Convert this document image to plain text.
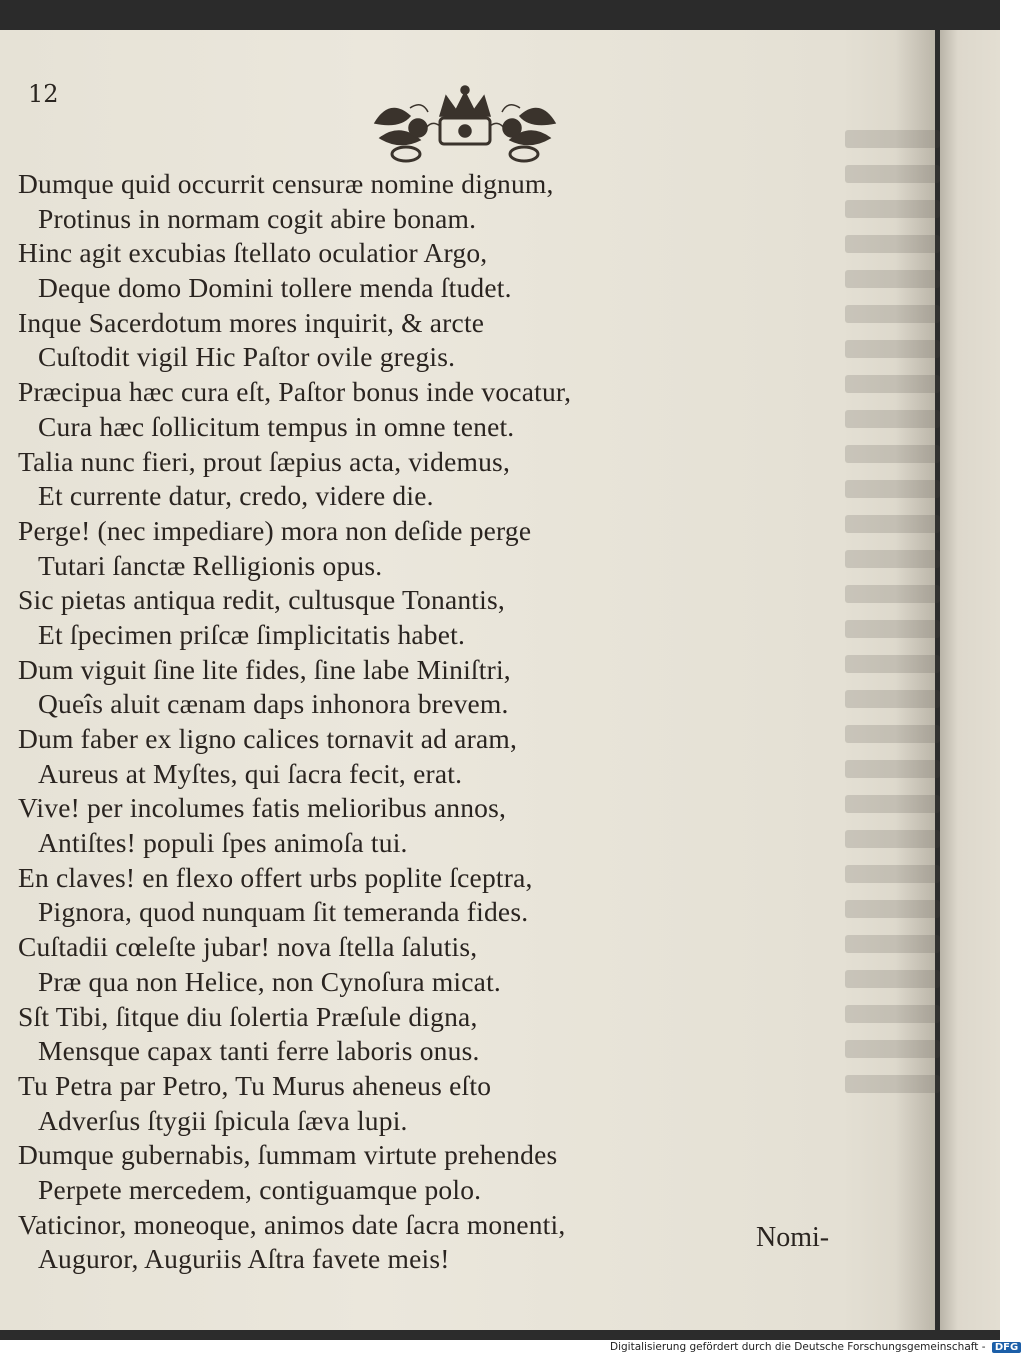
12
Dumque quid occurrit censuræ nomine dignum,
Protinus in normam cogit abire bonam.
Hinc agit excubias ſtellato oculatior Argo,
Deque domo Domini tollere menda ſtudet.
Inque Sacerdotum mores inquirit, & arcte
Cuſtodit vigil Hic Paſtor ovile gregis.
Præcipua hæc cura eſt, Paſtor bonus inde vocatur,
Cura hæc ſollicitum tempus in omne tenet.
Talia nunc fieri, prout ſæpius acta, videmus,
Et currente datur, credo, videre die.
Perge! (nec impediare) mora non deſide perge
Tutari ſanctæ Relligionis opus.
Sic pietas antiqua redit, cultusque Tonantis,
Et ſpecimen priſcæ ſimplicitatis habet.
Dum viguit ſine lite fides, ſine labe Miniſtri,
Queîs aluit cænam daps inhonora brevem.
Dum faber ex ligno calices tornavit ad aram,
Aureus at Myſtes, qui ſacra fecit, erat.
Vive! per incolumes fatis melioribus annos,
Antiſtes! populi ſpes animoſa tui.
En claves! en flexo offert urbs poplite ſceptra,
Pignora, quod nunquam ſit temeranda fides.
Cuſtadii cœleſte jubar! nova ſtella ſalutis,
Præ qua non Helice, non Cynoſura micat.
Sſt Tibi, ſitque diu ſolertia Præſule digna,
Mensque capax tanti ferre laboris onus.
Tu Petra par Petro, Tu Murus aheneus eſto
Adverſus ſtygii ſpicula ſæva lupi.
Dumque gubernabis, ſummam virtute prehendes
Perpete mercedem, contiguamque polo.
Vaticinor, moneoque, animos date ſacra monenti,
Auguror, Auguriis Aſtra favete meis!
Nomi-
Digitalisierung gefördert durch die Deutsche Forschungsgemeinschaft - DFG
